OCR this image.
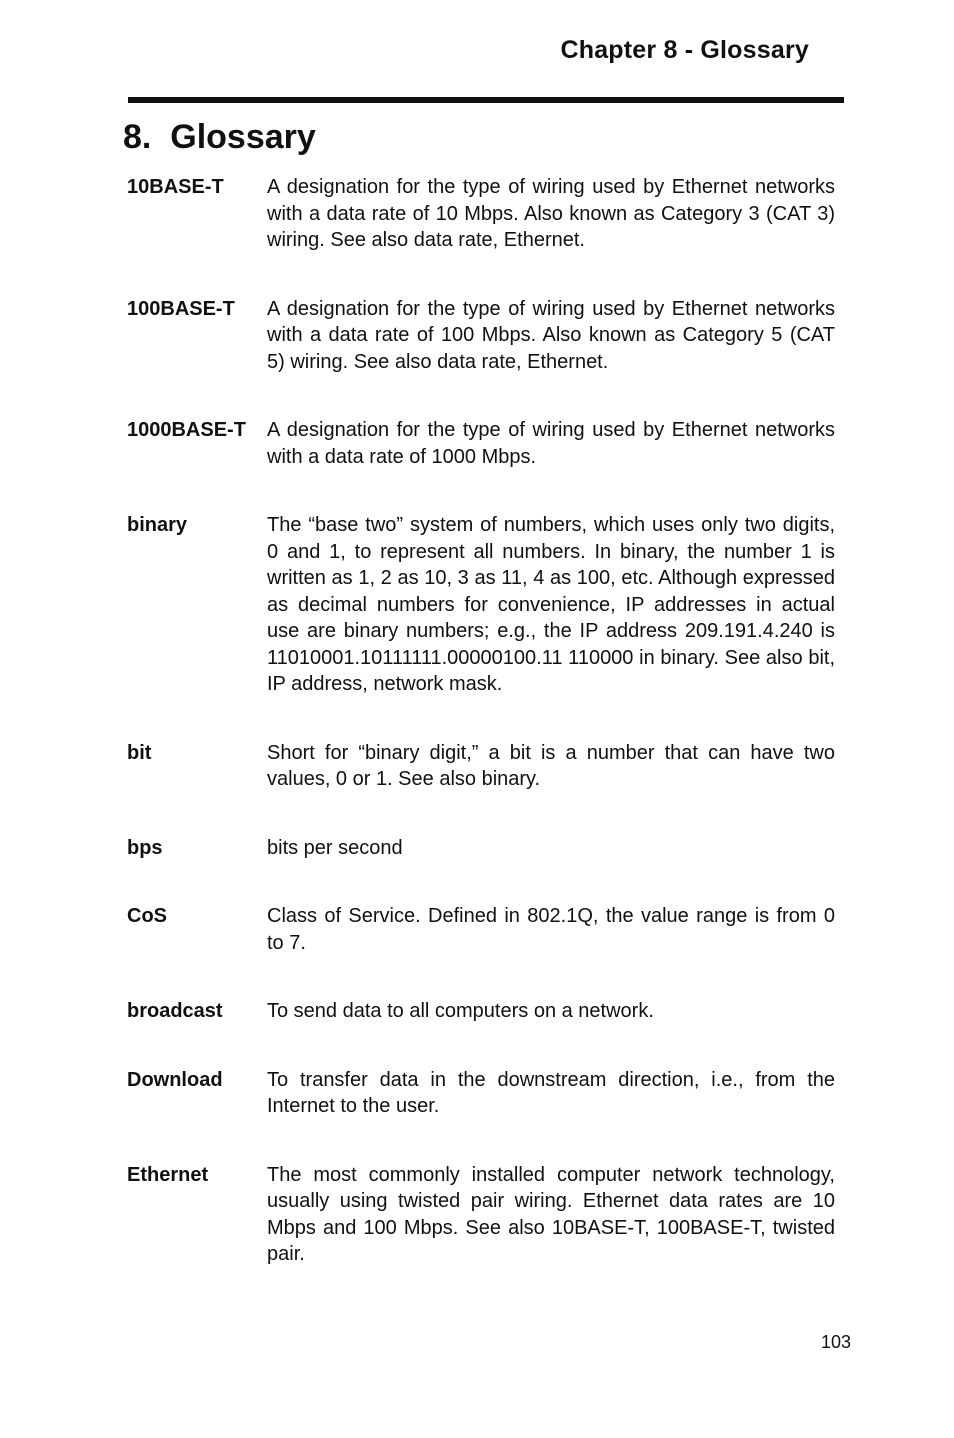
Chapter 8 - Glossary
8.  Glossary
10BASE-T	A designation for the type of wiring used by Ethernet networks with a data rate of 10 Mbps. Also known as Category 3 (CAT 3) wiring. See also data rate, Ethernet.
100BASE-T	A designation for the type of wiring used by Ethernet networks with a data rate of 100 Mbps. Also known as Category 5 (CAT 5) wiring. See also data rate, Ethernet.
1000BASE-T	A designation for the type of wiring used by Ethernet networks with a data rate of 1000 Mbps.
binary	The “base two” system of numbers, which uses only two digits, 0 and 1, to represent all numbers. In binary, the number 1 is written as 1, 2 as 10, 3 as 11, 4 as 100, etc. Although expressed as decimal numbers for convenience, IP addresses in actual use are binary numbers; e.g., the IP address 209.191.4.240 is 11010001.10111111.00000100.11 110000 in binary. See also bit, IP address, network mask.
bit	Short for “binary digit,” a bit is a number that can have two values, 0 or 1. See also binary.
bps	bits per second
CoS	Class of Service. Defined in 802.1Q, the value range is from 0 to 7.
broadcast	To send data to all computers on a network.
Download	To transfer data in the downstream direction, i.e., from the Internet to the user.
Ethernet	The most commonly installed computer network technology, usually using twisted pair wiring. Ethernet data rates are 10 Mbps and 100 Mbps. See also 10BASE-T, 100BASE-T, twisted pair.
103
